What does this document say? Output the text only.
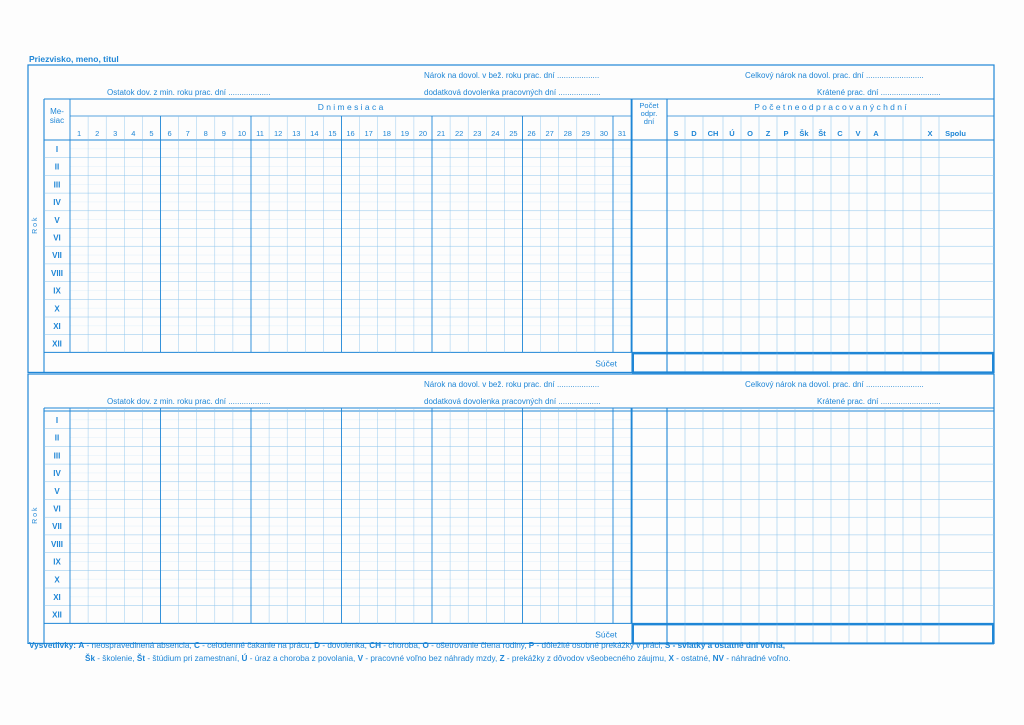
Priezvisko, meno, titul
Nárok na dovol. v bež. roku prac. dní ...................	Celkový nárok na dovol. prac. dní ..........................
Ostatok dov. z min. roku prac. dní ...................	dodatková dovolenka pracovných dní ...................	Krátené prac. dní ...........................
R o k
Me-
siac
D n i m e s i a c a
1 2 3 4 5 6 7 8 9 10 11 12 13 14 15 16 17 18 19 20 21 22 23 24 25 26 27 28 29 30 31
Počet
odpr.
dní
P o č e t n e o d p r a c o v a n ý c h d n í
S D CH Ú O Z P Šk Št C V A	X Spolu
I
II
III
IV
V
VI
VII
VIII
IX
X
XI
XII
Súčet
Nárok na dovol. v bež. roku prac. dní ...................	Celkový nárok na dovol. prac. dní ..........................
Ostatok dov. z min. roku prac. dní ...................	dodatková dovolenka pracovných dní ...................	Krátené prac. dní ...........................
R o k
I
II
III
IV
V
VI
VII
VIII
IX
X
XI
XII
Súčet
Vysvetlivky: A - neospravedlnená absencia, C - celodenné čakanie na prácu, D - dovolenka, CH - choroba, O - ošetrovanie člena rodiny, P - dôležité osobné prekážky v práci, S - sviatky a ostatné dni voľna,
Šk - školenie, Št - štúdium pri zamestnaní, Ú - úraz a choroba z povolania, V - pracovné voľno bez náhrady mzdy, Z - prekážky z dôvodov všeobecného záujmu, X - ostatné, NV - náhradné voľno.
